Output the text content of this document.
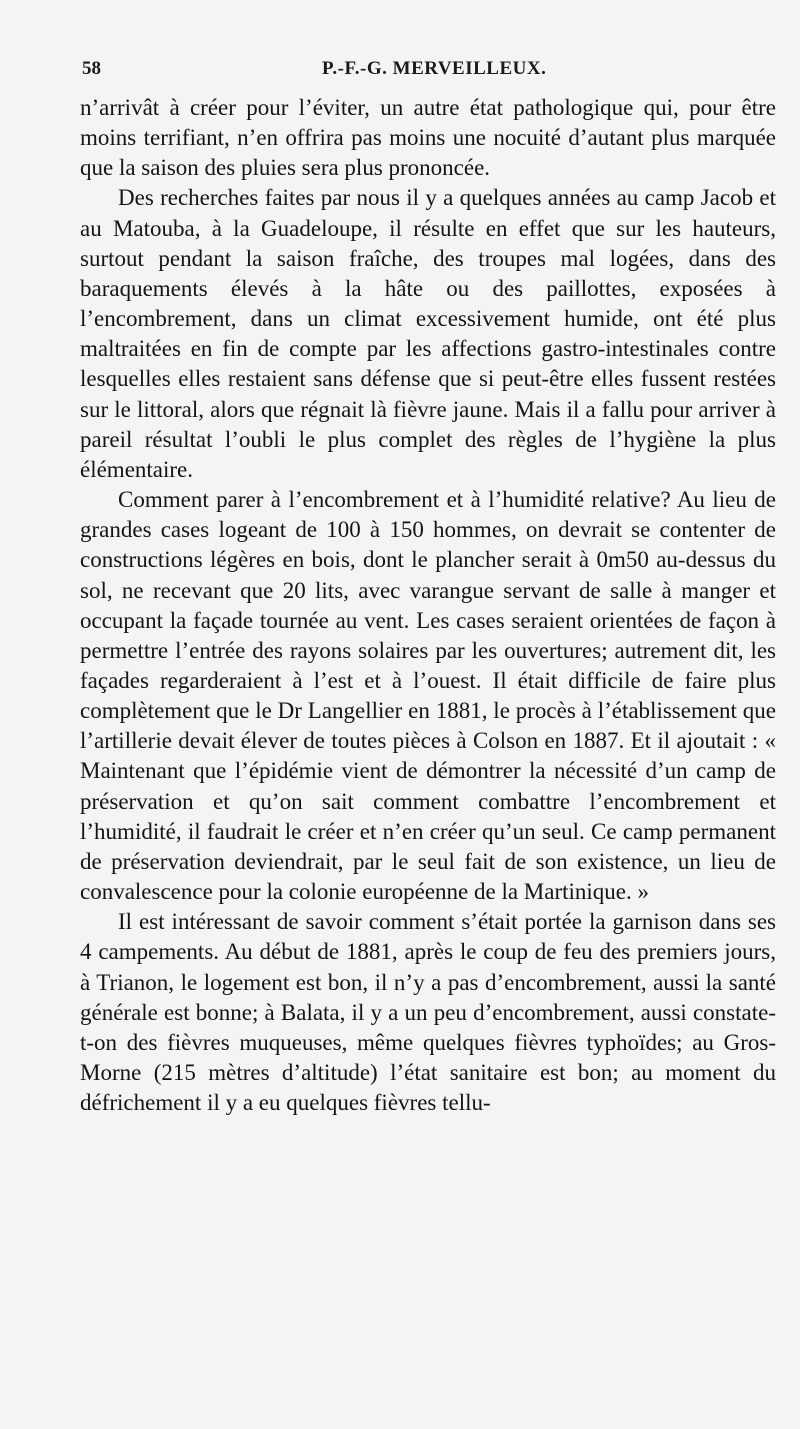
58	P.-F.-G. MERVEILLEUX.

n’arrivât à créer pour l’éviter, un autre état pathologique qui, pour être moins terrifiant, n’en offrira pas moins une nocuité d’autant plus marquée que la saison des pluies sera plus prononcée.

Des recherches faites par nous il y a quelques années au camp Jacob et au Matouba, à la Guadeloupe, il résulte en effet que sur les hauteurs, surtout pendant la saison fraîche, des troupes mal logées, dans des baraquements élevés à la hâte ou des paillottes, exposées à l’encombrement, dans un climat excessivement humide, ont été plus maltraitées en fin de compte par les affections gastro-intestinales contre lesquelles elles restaient sans défense que si peut-être elles fussent restées sur le littoral, alors que régnait là fièvre jaune. Mais il a fallu pour arriver à pareil résultat l’oubli le plus complet des règles de l’hygiène la plus élémentaire.

Comment parer à l’encombrement et à l’humidité relative? Au lieu de grandes cases logeant de 100 à 150 hommes, on devrait se contenter de constructions légères en bois, dont le plancher serait à 0m50 au-dessus du sol, ne recevant que 20 lits, avec varangue servant de salle à manger et occupant la façade tournée au vent. Les cases seraient orientées de façon à permettre l’entrée des rayons solaires par les ouvertures; autrement dit, les façades regarderaient à l’est et à l’ouest. Il était difficile de faire plus complètement que le Dr Langellier en 1881, le procès à l’établissement que l’artillerie devait élever de toutes pièces à Colson en 1887. Et il ajoutait : « Maintenant que l’épidémie vient de démontrer la nécessité d’un camp de préservation et qu’on sait comment combattre l’encombrement et l’humidité, il faudrait le créer et n’en créer qu’un seul. Ce camp permanent de préservation deviendrait, par le seul fait de son existence, un lieu de convalescence pour la colonie européenne de la Martinique. »

Il est intéressant de savoir comment s’était portée la garnison dans ses 4 campements. Au début de 1881, après le coup de feu des premiers jours, à Trianon, le logement est bon, il n’y a pas d’encombrement, aussi la santé générale est bonne; à Balata, il y a un peu d’encombrement, aussi constate-t-on des fièvres muqueuses, même quelques fièvres typhoïdes; au Gros-Morne (215 mètres d’altitude) l’état sanitaire est bon; au moment du défrichement il y a eu quelques fièvres tellu-
